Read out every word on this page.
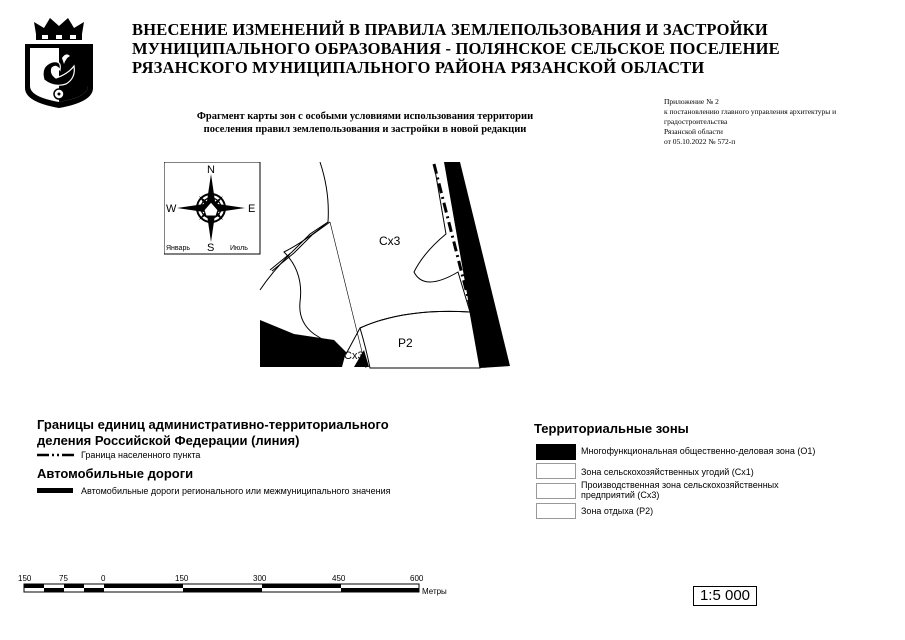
ВНЕСЕНИЕ ИЗМЕНЕНИЙ В ПРАВИЛА ЗЕМЛЕПОЛЬЗОВАНИЯ И ЗАСТРОЙКИ
МУНИЦИПАЛЬНОГО ОБРАЗОВАНИЯ - ПОЛЯНСКОЕ СЕЛЬСКОЕ ПОСЕЛЕНИЕ
РЯЗАНСКОГО МУНИЦИПАЛЬНОГО РАЙОНА РЯЗАНСКОЙ ОБЛАСТИ
Фрагмент карты зон с особыми условиями использования территории
поселения правил землепользования и застройки в новой редакции
Приложение № 2
к постановлению главного управления архитектуры и
градостроительства
Рязанской области
от 05.10.2022 № 572-п
Сх3
Сх3
Р2
N
S
W	E
Январь	Июль
Границы единиц административно-территориального
деления Российской Федерации (линия)
Граница населенного пункта
Автомобильные дороги
Автомобильные дороги регионального или межмуниципального значения
Территориальные зоны
Многофункциональная общественно-деловая зона (О1)
Зона сельскохозяйственных угодий (Сх1)
Производственная зона сельскохозяйственных
предприятий (Сх3)
Зона отдыха (Р2)
150	75	0	150	300	450	600
Метры	1:5 000
